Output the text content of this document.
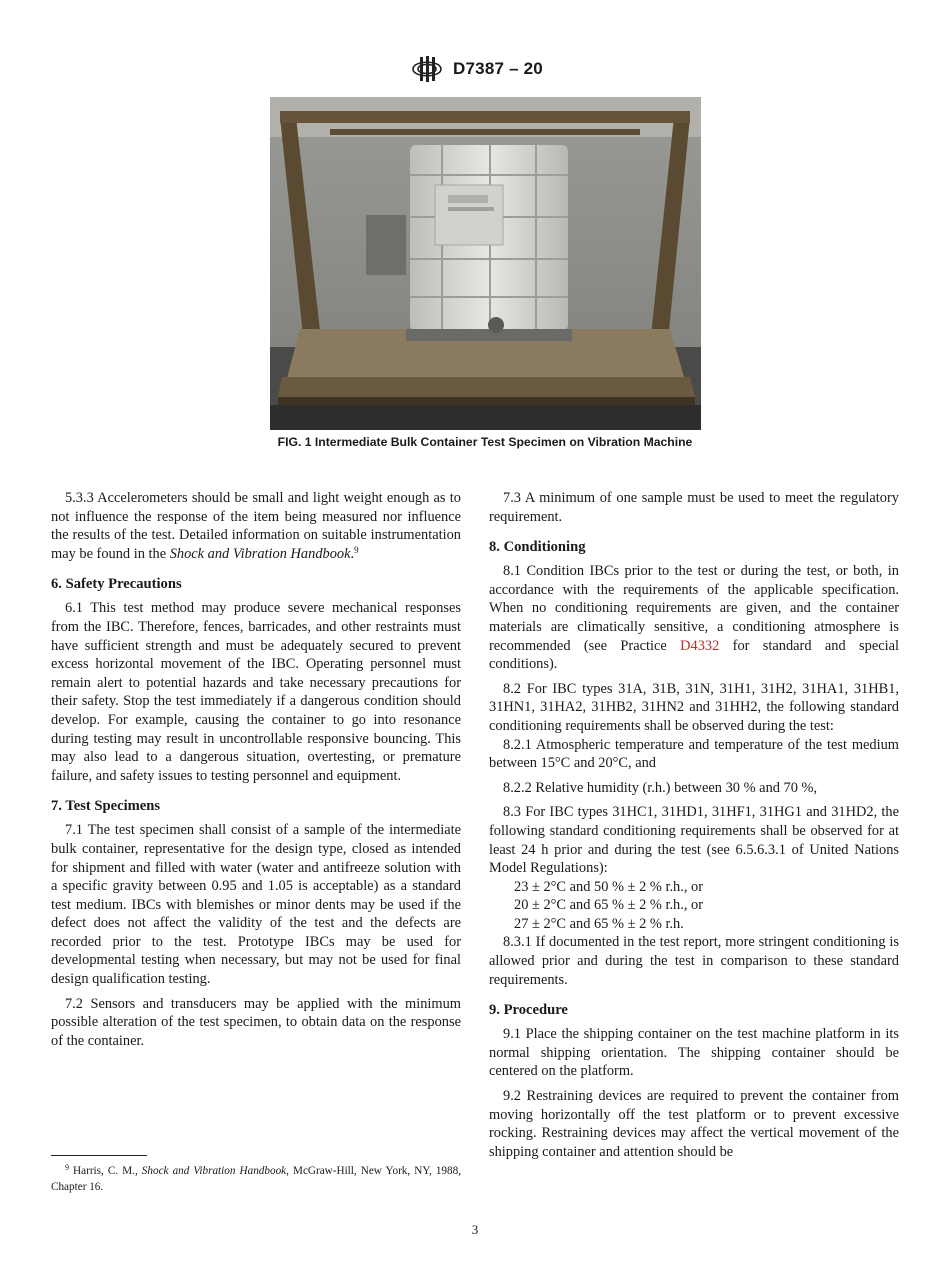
D7387 – 20
FIG. 1 Intermediate Bulk Container Test Specimen on Vibration Machine

5.3.3 Accelerometers should be small and light weight enough as to not influence the response of the item being measured nor influence the results of the test. Detailed information on suitable instrumentation may be found in the Shock and Vibration Handbook.$^9$

6. Safety Precautions

6.1 This test method may produce severe mechanical responses from the IBC. Therefore, fences, barricades, and other restraints must have sufficient strength and must be adequately secured to prevent excess horizontal movement of the IBC. Operating personnel must remain alert to potential hazards and take necessary precautions for their safety. Stop the test immediately if a dangerous condition should develop. For example, causing the container to go into resonance during testing may result in uncontrollable responsive bouncing. This may also lead to a dangerous situation, overtesting, or premature failure, and safety issues to testing personnel and equipment.

7. Test Specimens

7.1 The test specimen shall consist of a sample of the intermediate bulk container, representative for the design type, closed as intended for shipment and filled with water (water and antifreeze solution with a specific gravity between 0.95 and 1.05 is acceptable) as a standard test medium. IBCs with blemishes or minor dents may be used if the defect does not affect the validity of the test and the defects are recorded prior to the test. Prototype IBCs may be used for developmental testing when necessary, but may not be used for final design qualification testing.

7.2 Sensors and transducers may be applied with the minimum possible alteration of the test specimen, to obtain data on the response of the container.

7.3 A minimum of one sample must be used to meet the regulatory requirement.

8. Conditioning

8.1 Condition IBCs prior to the test or during the test, or both, in accordance with the requirements of the applicable specification. When no conditioning requirements are given, and the container materials are climatically sensitive, a conditioning atmosphere is recommended (see Practice D4332 for standard and special conditions).

8.2 For IBC types 31A, 31B, 31N, 31H1, 31H2, 31HA1, 31HB1, 31HN1, 31HA2, 31HB2, 31HN2 and 31HH2, the following standard conditioning requirements shall be observed during the test:

8.2.1 Atmospheric temperature and temperature of the test medium between 15°C and 20°C, and

8.2.2 Relative humidity (r.h.) between 30 % and 70 %,

8.3 For IBC types 31HC1, 31HD1, 31HF1, 31HG1 and 31HD2, the following standard conditioning requirements shall be observed for at least 24 h prior and during the test (see 6.5.6.3.1 of United Nations Model Regulations):

23 ± 2°C and 50 % ± 2 % r.h., or
20 ± 2°C and 65 % ± 2 % r.h., or
27 ± 2°C and 65 % ± 2 % r.h.

8.3.1 If documented in the test report, more stringent conditioning is allowed prior and during the test in comparison to these standard requirements.

9. Procedure

9.1 Place the shipping container on the test machine platform in its normal shipping orientation. The shipping container should be centered on the platform.

9.2 Restraining devices are required to prevent the container from moving horizontally off the test platform or to prevent excessive rocking. Restraining devices may affect the vertical movement of the shipping container and attention should be

$^9$ Harris, C. M., Shock and Vibration Handbook, McGraw-Hill, New York, NY, 1988, Chapter 16.
3
